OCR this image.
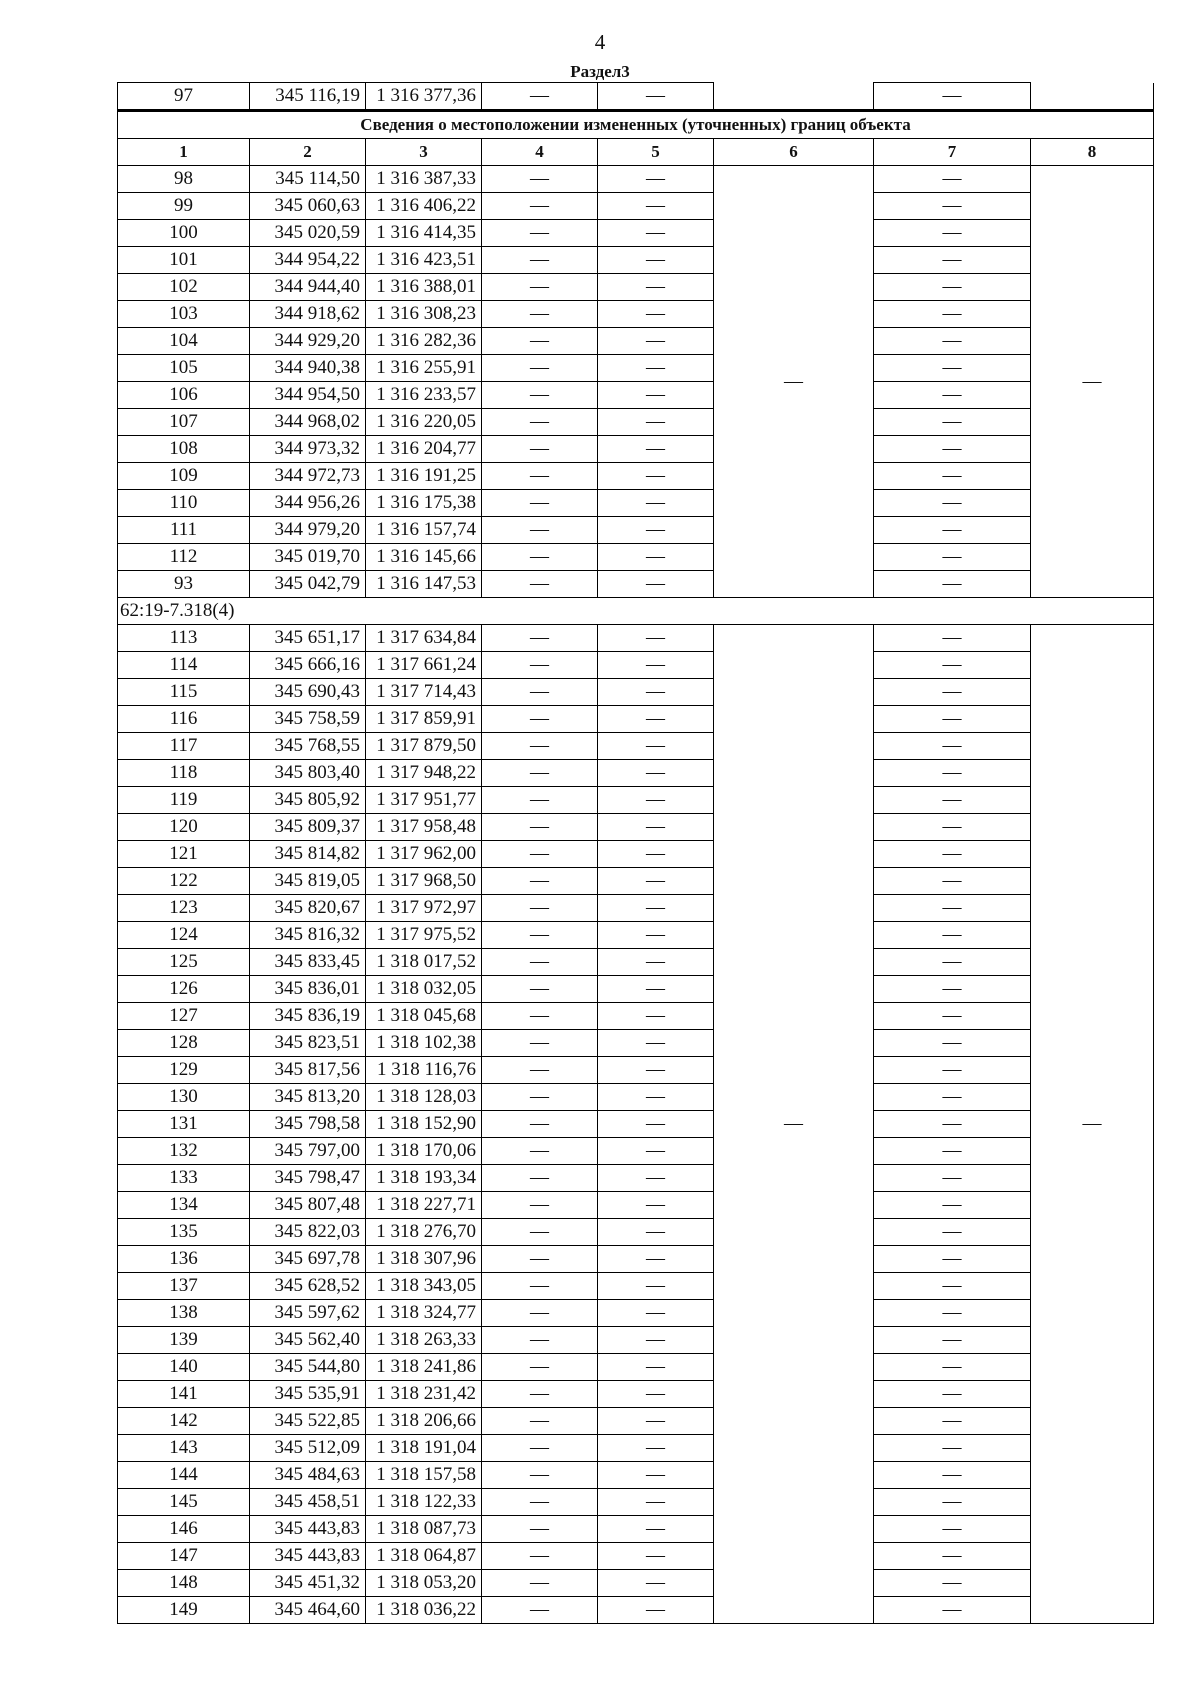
4
Раздел3
97	345 116,19	1 316 377,36	—	—		—	
Сведения о местоположении измененных (уточненных) границ объекта							
1	2	3	4	5	6	7	8
98	345 114,50	1 316 387,33	—	—	—	—	—
99	345 060,63	1 316 406,22	—	—		—	
100	345 020,59	1 316 414,35	—	—		—	
101	344 954,22	1 316 423,51	—	—		—	
102	344 944,40	1 316 388,01	—	—		—	
103	344 918,62	1 316 308,23	—	—		—	
104	344 929,20	1 316 282,36	—	—		—	
105	344 940,38	1 316 255,91	—	—		—	
106	344 954,50	1 316 233,57	—	—		—	
107	344 968,02	1 316 220,05	—	—		—	
108	344 973,32	1 316 204,77	—	—		—	
109	344 972,73	1 316 191,25	—	—		—	
110	344 956,26	1 316 175,38	—	—		—	
111	344 979,20	1 316 157,74	—	—		—	
112	345 019,70	1 316 145,66	—	—		—	
93	345 042,79	1 316 147,53	—	—		—	
62:19-7.318(4)							
113	345 651,17	1 317 634,84	—	—	—	—	—
114	345 666,16	1 317 661,24	—	—		—	
115	345 690,43	1 317 714,43	—	—		—	
116	345 758,59	1 317 859,91	—	—		—	
117	345 768,55	1 317 879,50	—	—		—	
118	345 803,40	1 317 948,22	—	—		—	
119	345 805,92	1 317 951,77	—	—		—	
120	345 809,37	1 317 958,48	—	—		—	
121	345 814,82	1 317 962,00	—	—		—	
122	345 819,05	1 317 968,50	—	—		—	
123	345 820,67	1 317 972,97	—	—		—	
124	345 816,32	1 317 975,52	—	—		—	
125	345 833,45	1 318 017,52	—	—		—	
126	345 836,01	1 318 032,05	—	—		—	
127	345 836,19	1 318 045,68	—	—		—	
128	345 823,51	1 318 102,38	—	—		—	
129	345 817,56	1 318 116,76	—	—		—	
130	345 813,20	1 318 128,03	—	—		—	
131	345 798,58	1 318 152,90	—	—		—	
132	345 797,00	1 318 170,06	—	—		—	
133	345 798,47	1 318 193,34	—	—		—	
134	345 807,48	1 318 227,71	—	—		—	
135	345 822,03	1 318 276,70	—	—		—	
136	345 697,78	1 318 307,96	—	—		—	
137	345 628,52	1 318 343,05	—	—		—	
138	345 597,62	1 318 324,77	—	—		—	
139	345 562,40	1 318 263,33	—	—		—	
140	345 544,80	1 318 241,86	—	—		—	
141	345 535,91	1 318 231,42	—	—		—	
142	345 522,85	1 318 206,66	—	—		—	
143	345 512,09	1 318 191,04	—	—		—	
144	345 484,63	1 318 157,58	—	—		—	
145	345 458,51	1 318 122,33	—	—		—	
146	345 443,83	1 318 087,73	—	—		—	
147	345 443,83	1 318 064,87	—	—		—	
148	345 451,32	1 318 053,20	—	—		—	
149	345 464,60	1 318 036,22	—	—		—	
